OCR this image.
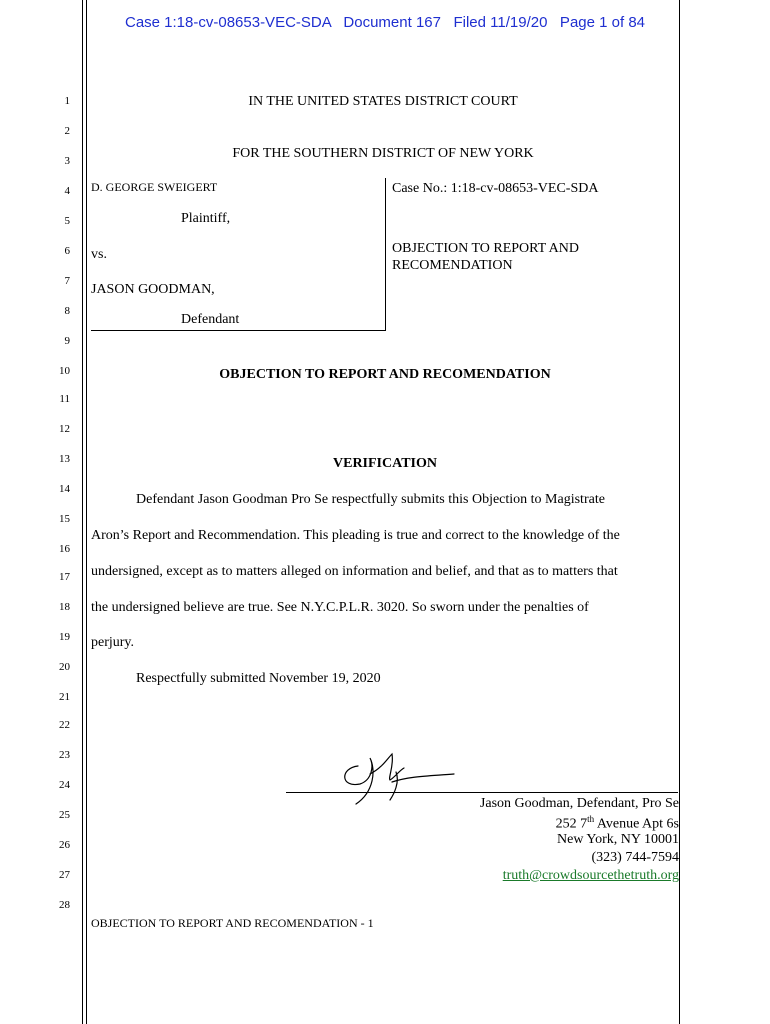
Case 1:18-cv-08653-VEC-SDA   Document 167   Filed 11/19/20   Page 1 of 84
1
2
3
4
5
6
7
8
9
10
11
12
13
14
15
16
17
18
19
20
21
22
23
24
25
26
27
28
IN THE UNITED STATES DISTRICT COURT
FOR THE SOUTHERN DISTRICT OF NEW YORK
D. GEORGE SWEIGERT
Plaintiff,
vs.
JASON GOODMAN,
Defendant
Case No.: 1:18-cv-08653-VEC-SDA
OBJECTION TO REPORT AND
RECOMENDATION
OBJECTION TO REPORT AND RECOMENDATION
VERIFICATION
Defendant Jason Goodman Pro Se respectfully submits this Objection to Magistrate
Aron’s Report and Recommendation. This pleading is true and correct to the knowledge of the
undersigned, except as to matters alleged on information and belief, and that as to matters that
the undersigned believe are true. See N.Y.C.P.L.R. 3020. So sworn under the penalties of
perjury.
Respectfully submitted November 19, 2020
Jason Goodman, Defendant, Pro Se
252 7th Avenue Apt 6s
New York, NY 10001
(323) 744-7594
truth@crowdsourcethetruth.org
OBJECTION TO REPORT AND RECOMENDATION - 1
